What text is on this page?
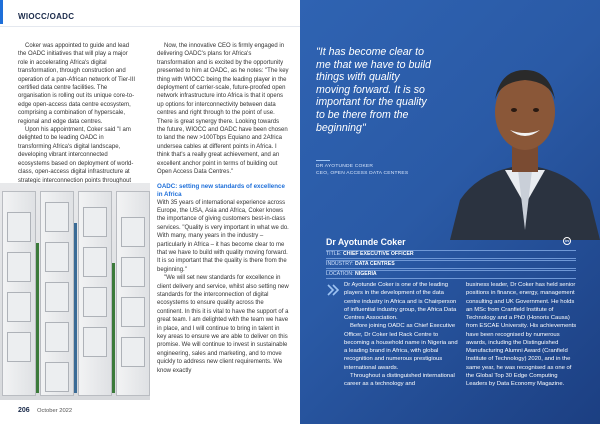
WIOCC/OADC

Coker was appointed to guide and lead the OADC initiatives that will play a major role in accelerating Africa's digital transformation, through construction and operation of a pan-African network of Tier-III certified data centre facilities. The organisation is rolling out its unique core-to-edge open-access data centre ecosystem, comprising a combination of hyperscale, regional and edge data centres.

Upon his appointment, Coker said "I am delighted to be leading OADC in transforming Africa's digital landscape, developing vibrant interconnected ecosystems based on deployment of world-class, open-access digital infrastructure at strategic interconnection points throughout

Now, the innovative CEO is firmly engaged in delivering OADC's plans for Africa's transformation and is excited by the opportunity presented to him at OADC, as he notes: "The key thing with WIOCC being the leading player in the deployment of carrier-scale, future-proofed open network infrastructure into Africa is that it opens up options for interconnectivity between data centres and right through to the point of use. There is great synergy there. Looking towards the future, WIOCC and OADC have been chosen to land the new >100Tbps Equiano and 2Africa undersea cables at different points in Africa. I think that's a really great achievement, and an excellent anchor point in terms of building out Open Access Data Centres."

OADC: setting new standards of excellence in Africa

With 35 years of international experience across Europe, the USA, Asia and Africa, Coker knows the importance of giving customers best-in-class services. "Quality is very important in what we do. With many, many years in the industry – particularly in Africa – it has become clear to me that we have to build with quality moving forward. It is so important that the quality is there from the beginning."

"We will set new standards for excellence in client delivery and service, whilst also setting new standards for the interconnection of digital ecosystems to ensure quality across the continent. In this it is vital to have the support of a great team. I am delighted with the team we have in place, and I will continue to bring in talent in key areas to ensure we are able to deliver on this promise. We will continue to invest in sustainable engineering, sales and marketing, and to move quickly to address new client requirements. We know exactly

206 October 2022
"It has become clear to me that we have to build things with quality moving forward. It is so important for the quality to be there from the beginning"
DR AYOTUNDE COKER
CEO, OPEN ACCESS DATA CENTRES
Dr Ayotunde Coker	in
TITLE: CHIEF EXECUTIVE OFFICER
INDUSTRY: DATA CENTRES
LOCATION: NIGERIA

Dr Ayotunde Coker is one of the leading players in the development of the data centre industry in Africa and is Chairperson of influential industry group, the Africa Data Centres Association.

Before joining OADC as Chief Executive Officer, Dr Coker led Rack Centre to becoming a household name in Nigeria and a leading brand in Africa, with global recognition and numerous prestigious international awards.

Throughout a distinguished international career as a technology and

business leader, Dr Coker has held senior positions in finance, energy, management consulting and UK Government. He holds an MSc from Cranfield Institute of Technology and a PhD (Honoris Causa) from ESCAE University. His achievements have been recognised by numerous awards, including the Distinguished Manufacturing Alumni Award (Cranfield Institute of Technology) 2020, and in the same year, he was recognised as one of the Global Top 30 Edge Computing Leaders by Data Economy Magazine.
